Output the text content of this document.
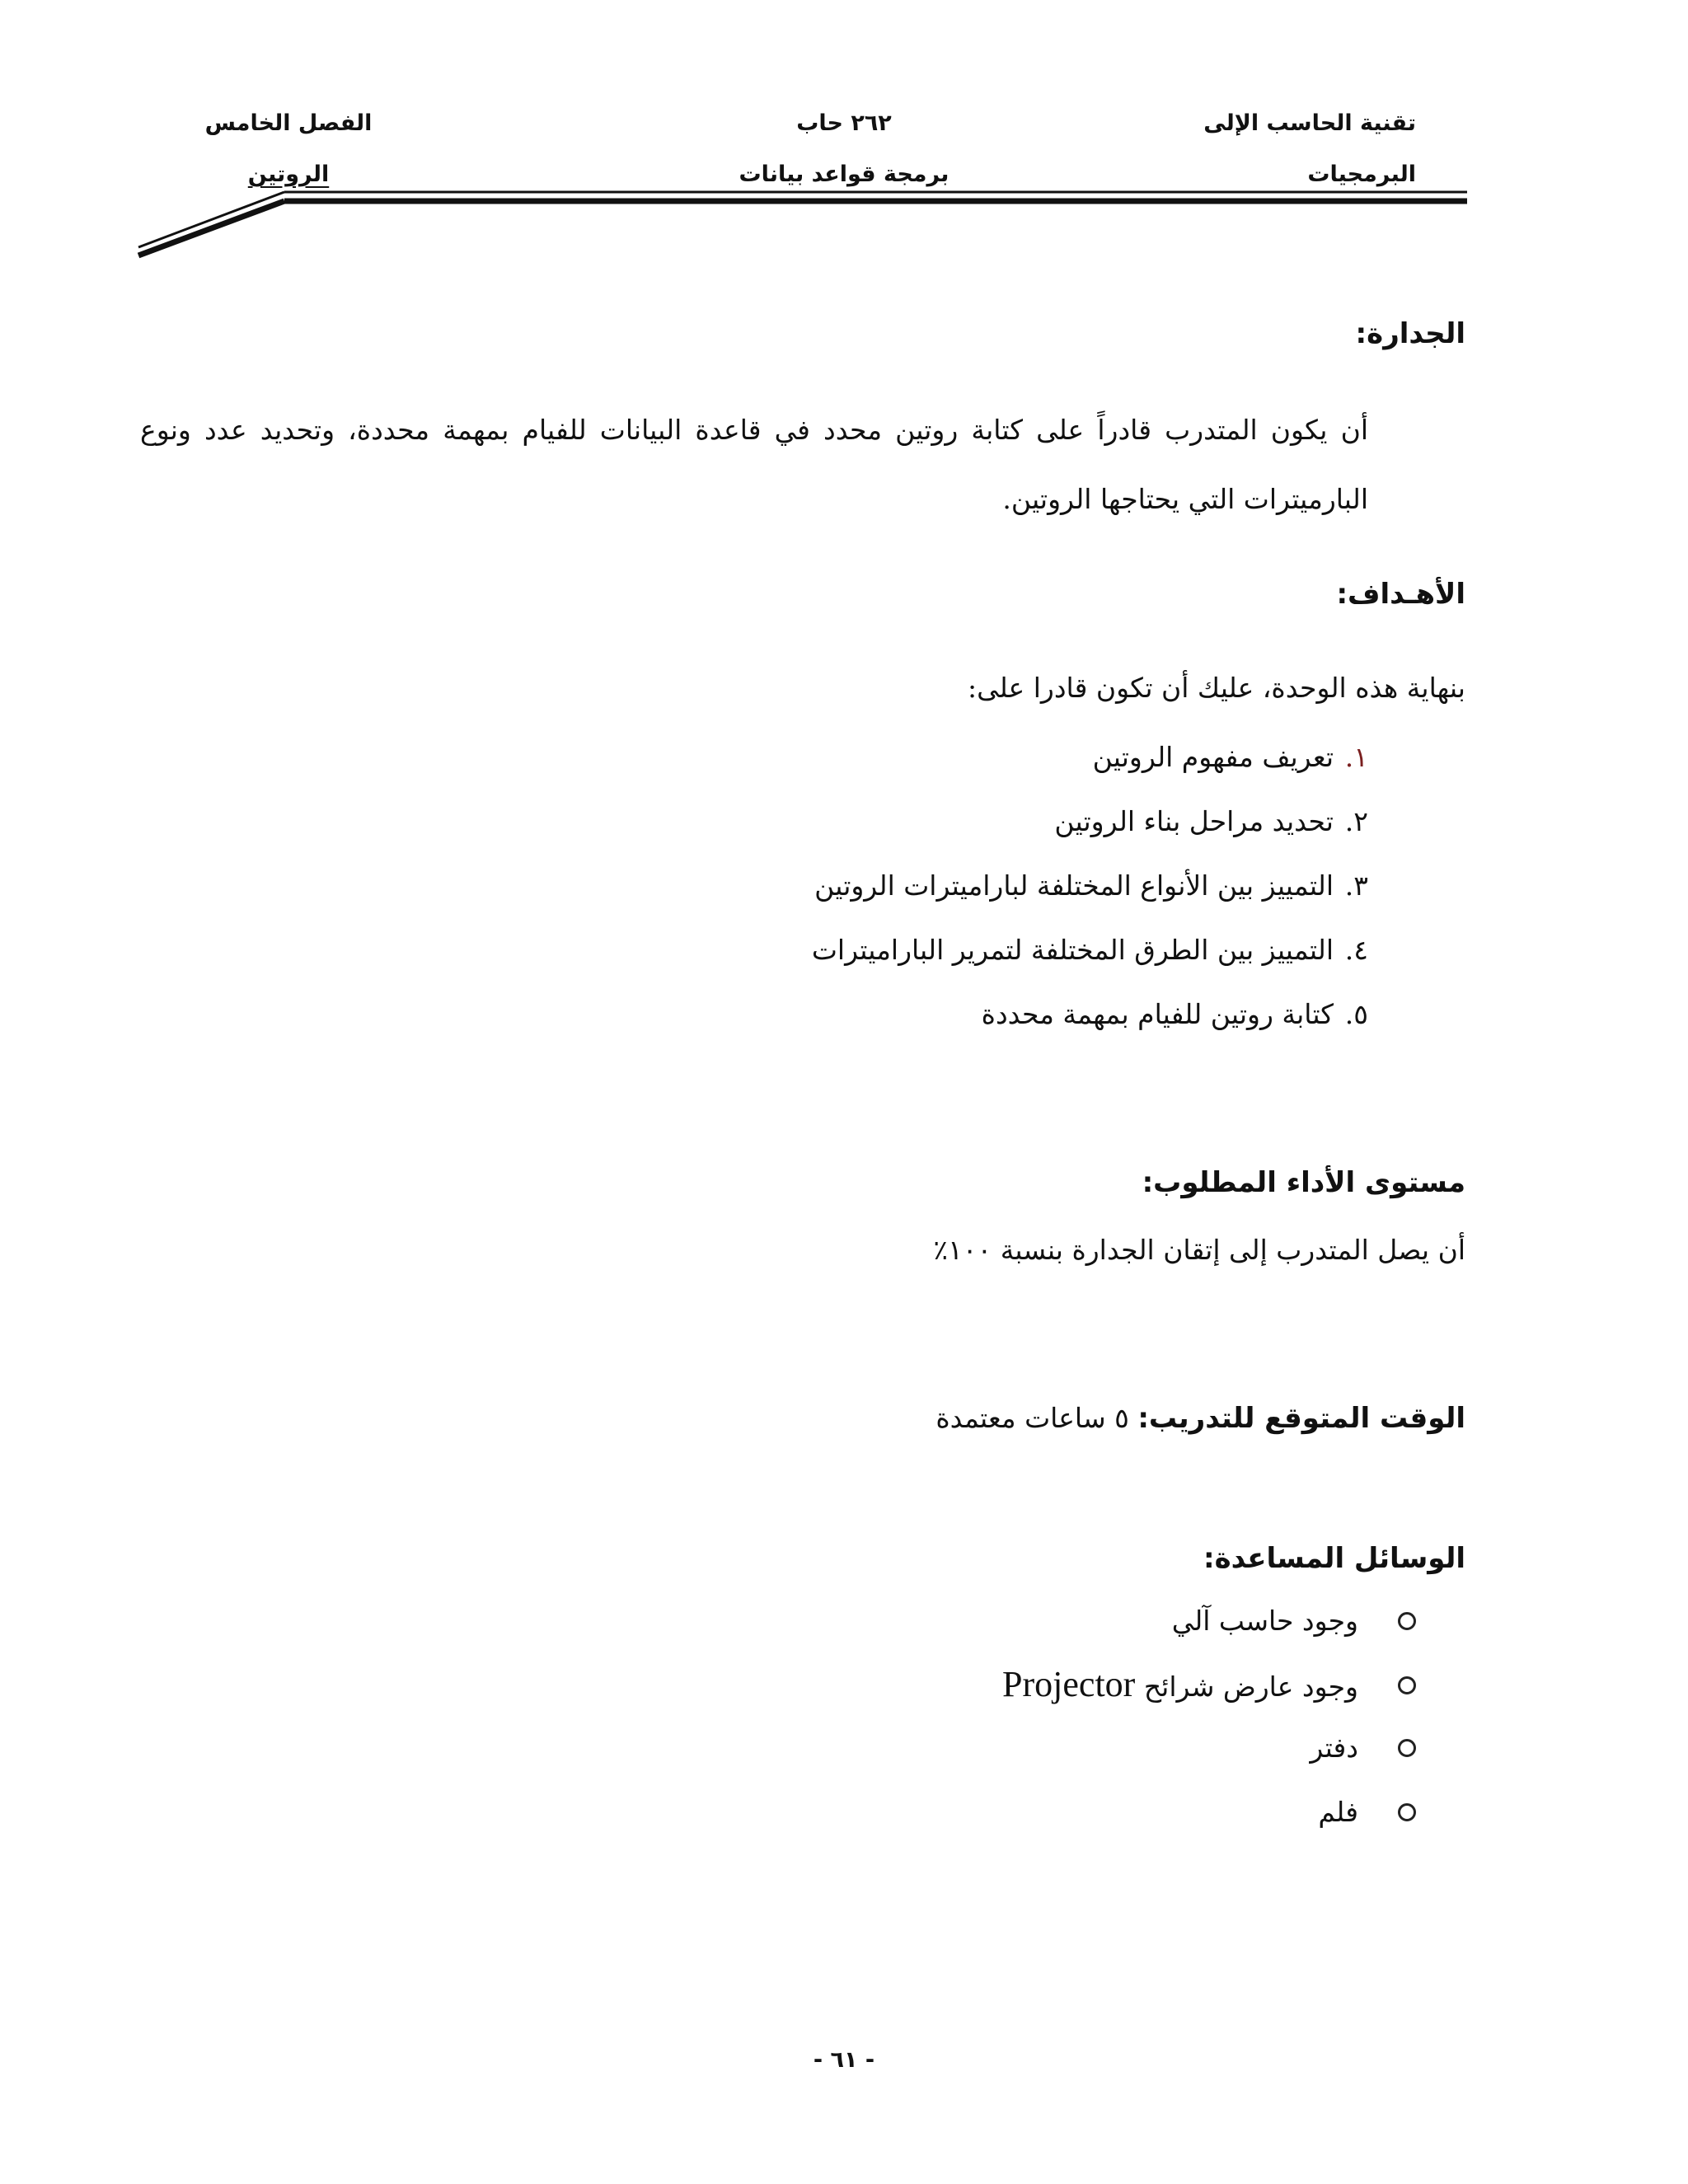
تقنية الحاسب الإلى
٢٦٢ حاب
الفصل الخامس
البرمجيات
برمجة قواعد بيانات
الروتين
الجدارة:
أن يكون المتدرب قادراً على كتابة روتين محدد في قاعدة البيانات للفيام بمهمة محددة، وتحديد عدد ونوع البارميترات التي يحتاجها الروتين.
الأهـداف:
بنهاية هذه الوحدة، عليك أن تكون قادرا على:
١.
تعريف مفهوم الروتين
٢.
تحديد مراحل بناء الروتين
٣.
التمييز بين الأنواع المختلفة لباراميترات الروتين
٤.
التمييز بين الطرق المختلفة لتمرير الباراميترات
٥.
كتابة روتين للفيام بمهمة محددة
مستوى الأداء المطلوب:
أن يصل المتدرب إلى إتقان الجدارة بنسبة ١٠٠٪
الوقت المتوقع للتدريب: ٥ ساعات معتمدة
الوسائل المساعدة:
وجود حاسب آلي
وجود عارض شرائح Projector
دفتر
فلم
- ٦١ -
